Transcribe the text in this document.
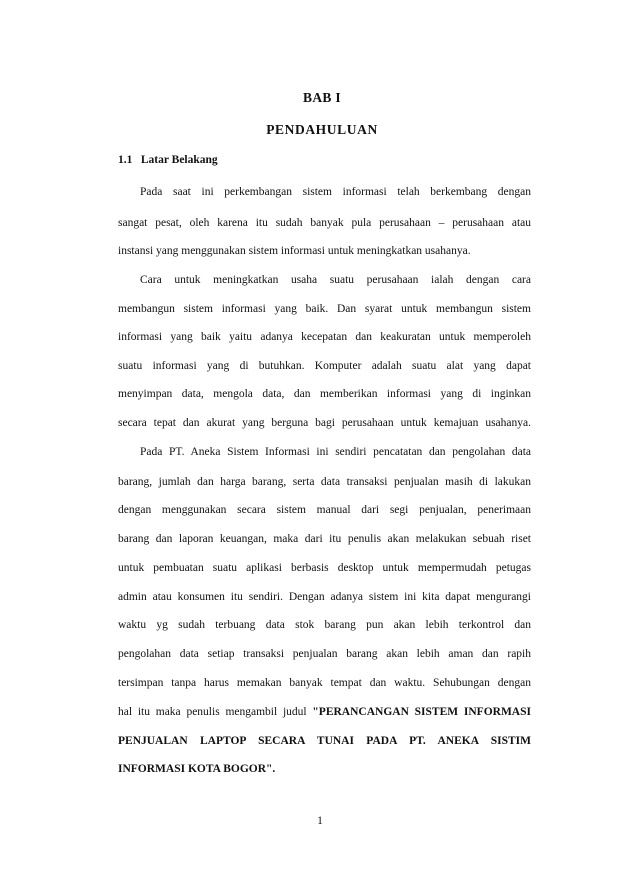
BAB I
PENDAHULUAN
1.1 Latar Belakang
Pada saat ini perkembangan sistem informasi telah berkembang dengan
sangat pesat, oleh karena itu sudah banyak pula perusahaan – perusahaan atau
instansi yang menggunakan sistem informasi untuk meningkatkan usahanya.
Cara untuk meningkatkan usaha suatu perusahaan ialah dengan cara
membangun sistem informasi yang baik. Dan syarat untuk membangun sistem
informasi yang baik yaitu adanya kecepatan dan keakuratan untuk memperoleh
suatu informasi yang di butuhkan. Komputer adalah suatu alat yang dapat
menyimpan data, mengola data, dan memberikan informasi yang di inginkan
secara tepat dan akurat yang berguna bagi perusahaan untuk kemajuan usahanya.
Pada PT. Aneka Sistem Informasi ini sendiri pencatatan dan pengolahan data
barang, jumlah dan harga barang, serta data transaksi penjualan masih di lakukan
dengan menggunakan secara sistem manual dari segi penjualan, penerimaan
barang dan laporan keuangan, maka dari itu penulis akan melakukan sebuah riset
untuk pembuatan suatu aplikasi berbasis desktop untuk mempermudah petugas
admin atau konsumen itu sendiri. Dengan adanya sistem ini kita dapat mengurangi
waktu yg sudah terbuang data stok barang pun akan lebih terkontrol dan
pengolahan data setiap transaksi penjualan barang akan lebih aman dan rapih
tersimpan tanpa harus memakan banyak tempat dan waktu. Sehubungan dengan
hal itu maka penulis mengambil judul "PERANCANGAN SISTEM INFORMASI
PENJUALAN LAPTOP SECARA TUNAI PADA PT. ANEKA SISTIM
INFORMASI KOTA BOGOR".
1
